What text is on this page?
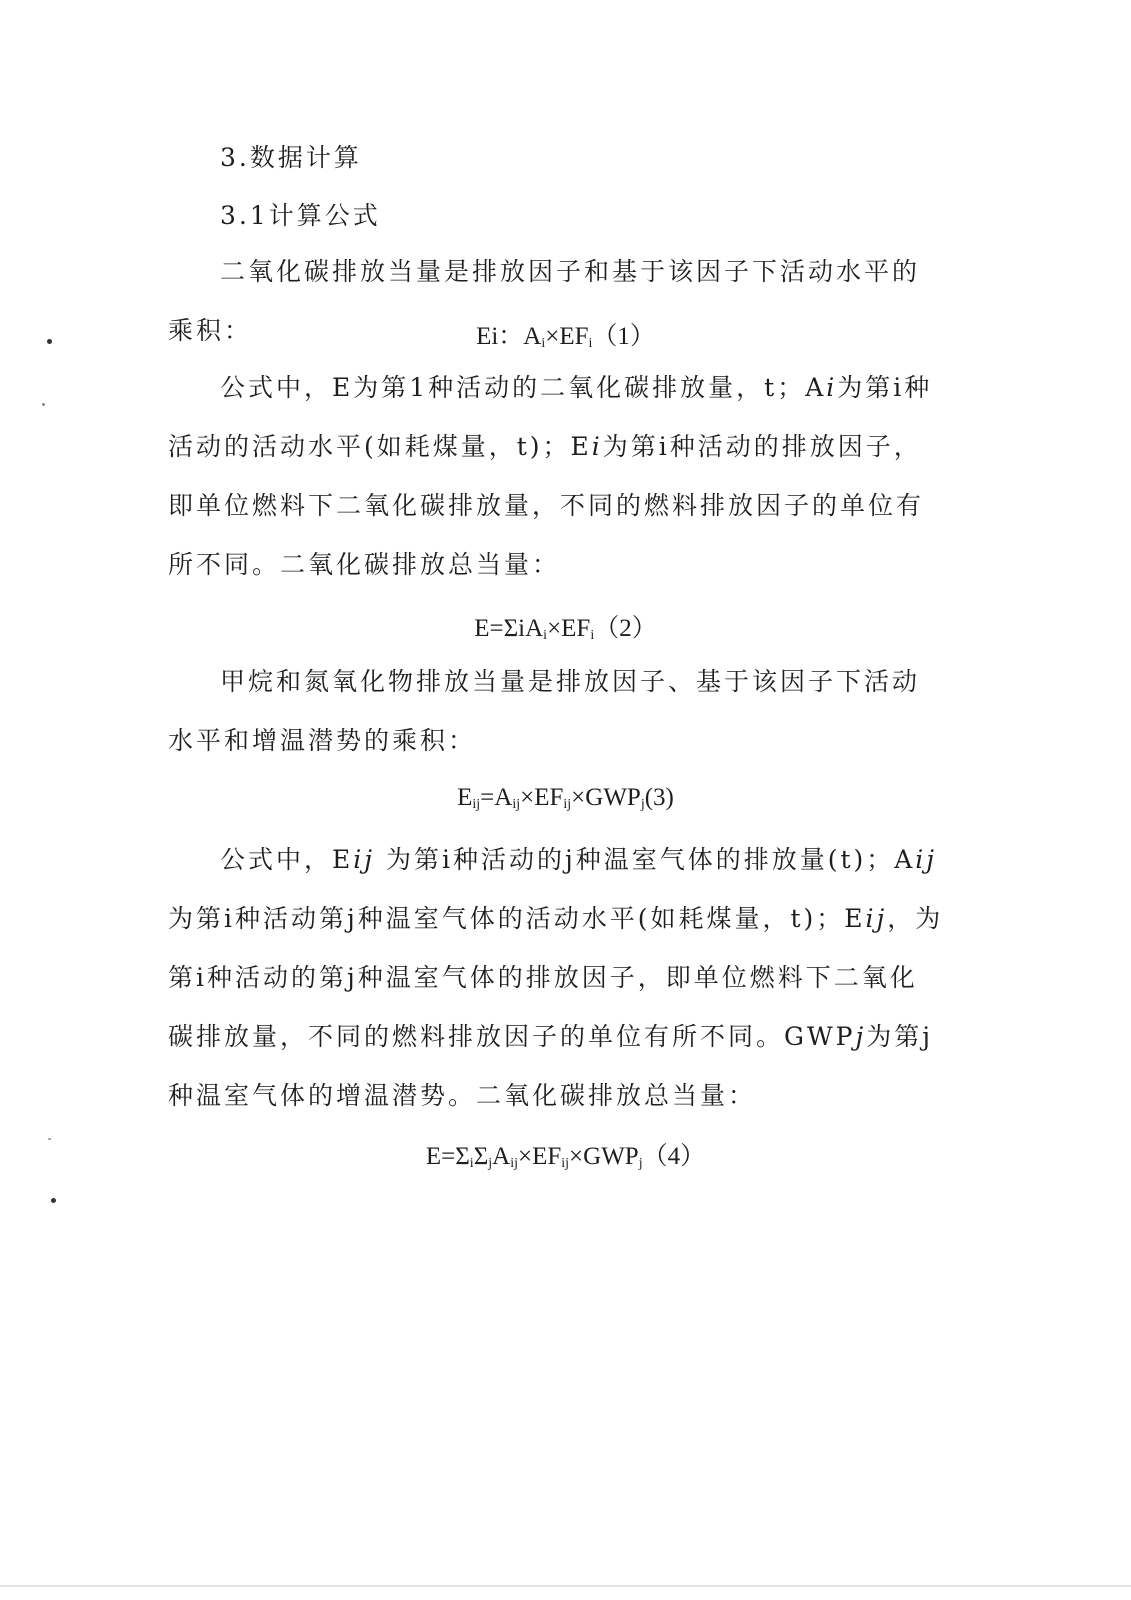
3.数据计算
3.1计算公式

二氧化碳排放当量是排放因子和基于该因子下活动水平的乘积：	Ei：$A_i\times EF_i(1)$

公式中，E为第1种活动的二氧化碳排放量，t；A𝑖为第i种活动的活动水平(如耗煤量，t)；E𝑖为第i种活动的排放因子，即单位燃料下二氧化碳排放量，不同的燃料排放因子的单位有所不同。二氧化碳排放总当量：

$E=\Sigma iA_i\times EF_i(2)$

甲烷和氮氧化物排放当量是排放因子、基于该因子下活动水平和增温潜势的乘积：

$E_{ij}=A_{ij}\times EF_{ij}\times GWP_j(3)$

公式中，E𝑖𝑗 为第i种活动的j种温室气体的排放量(t)；A𝑖𝑗为第i种活动第j种温室气体的活动水平(如耗煤量，t)；E𝑖𝑗，为第i种活动的第j种温室气体的排放因子，即单位燃料下二氧化碳排放量，不同的燃料排放因子的单位有所不同。GWP𝑗为第j种温室气体的增温潜势。二氧化碳排放总当量：

$E=\Sigma_i\Sigma_jA_{ij}\times EF_{ij}\times GWP_j(4)$
